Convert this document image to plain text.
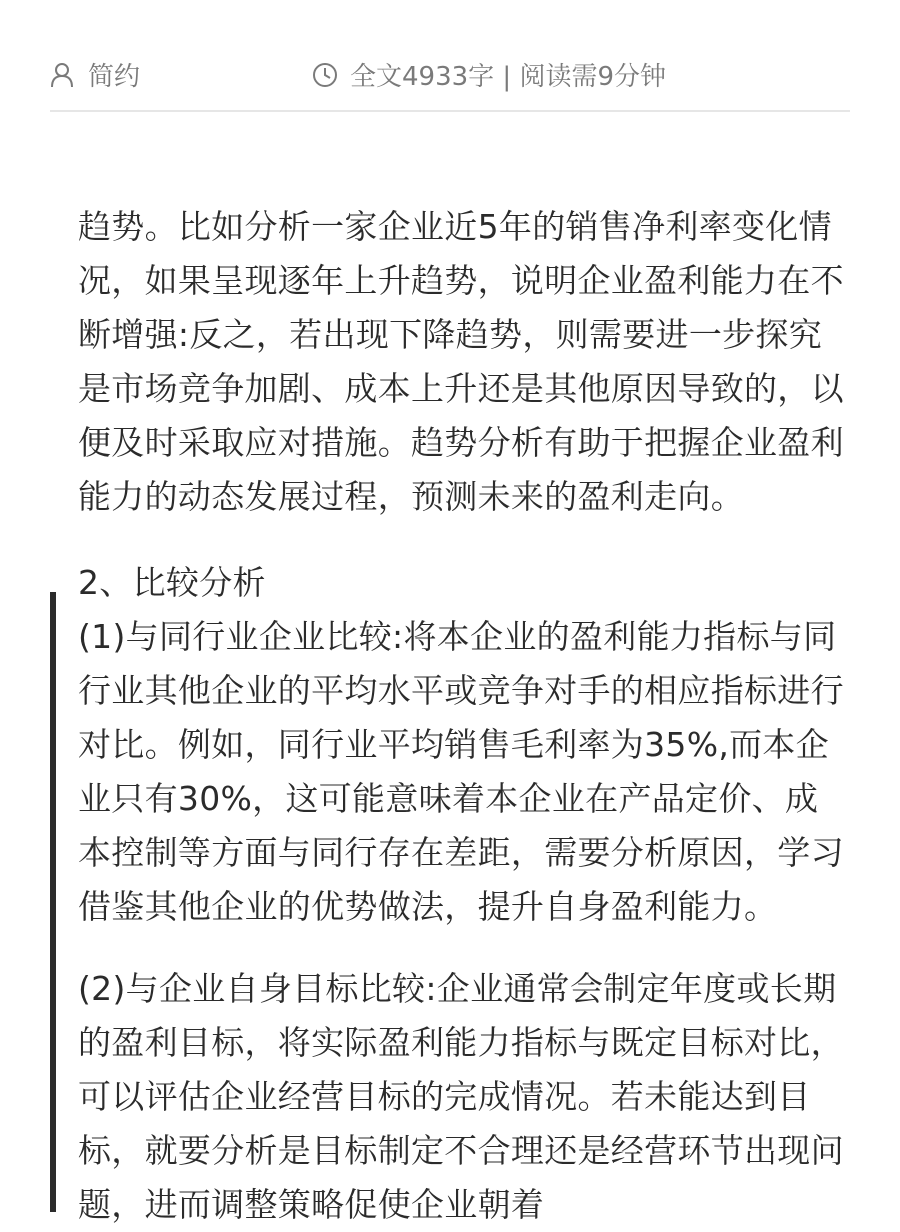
简约	全文4933字 | 阅读需9分钟
趋势。比如分析一家企业近5年的销售净利率变化情况，如果呈现逐年上升趋势，说明企业盈利能力在不断增强:反之，若出现下降趋势，则需要进一步探究是市场竞争加剧、成本上升还是其他原因导致的，以便及时采取应对措施。趋势分析有助于把握企业盈利能力的动态发展过程，预测未来的盈利走向。
2、比较分析
(1)与同行业企业比较:将本企业的盈利能力指标与同行业其他企业的平均水平或竞争对手的相应指标进行对比。例如，同行业平均销售毛利率为35%,而本企业只有30%，这可能意味着本企业在产品定价、成本控制等方面与同行存在差距，需要分析原因，学习借鉴其他企业的优势做法，提升自身盈利能力。
(2)与企业自身目标比较:企业通常会制定年度或长期的盈利目标，将实际盈利能力指标与既定目标对比，可以评估企业经营目标的完成情况。若未能达到目标，就要分析是目标制定不合理还是经营环节出现问题，进而调整策略促使企业朝着
